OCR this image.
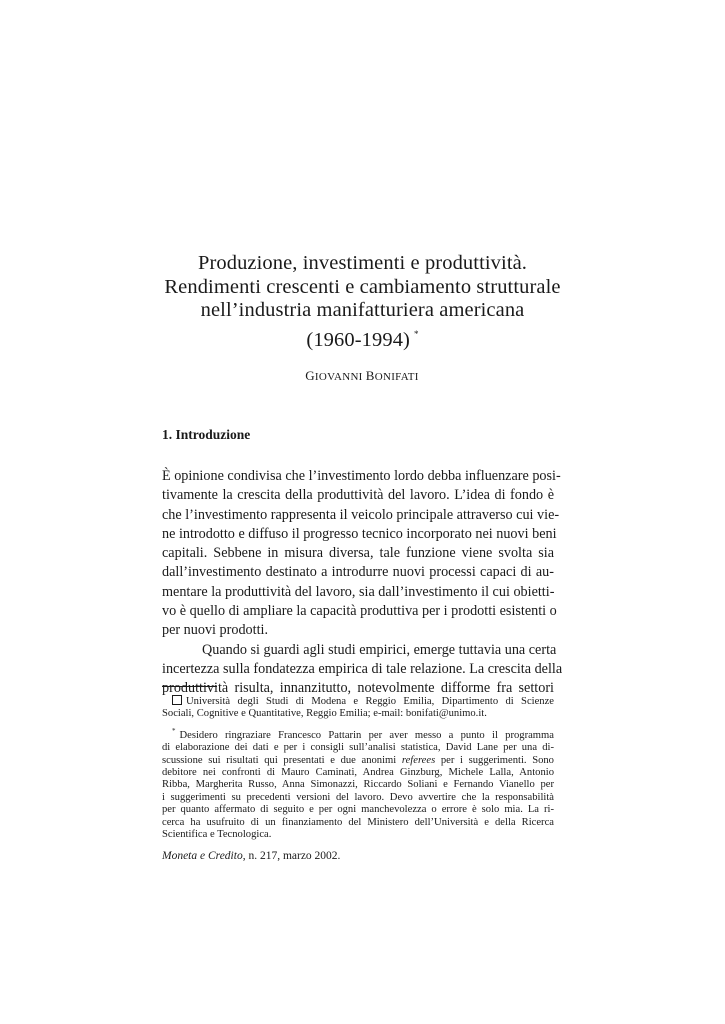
Produzione, investimenti e produttività.
Rendimenti crescenti e cambiamento strutturale
nell’industria manifatturiera americana
(1960-1994) *
GIOVANNI BONIFATI
1. Introduzione
È opinione condivisa che l’investimento lordo debba influenzare posi-
tivamente la crescita della produttività del lavoro. L’idea di fondo è
che l’investimento rappresenta il veicolo principale attraverso cui vie-
ne introdotto e diffuso il progresso tecnico incorporato nei nuovi beni
capitali. Sebbene in misura diversa, tale funzione viene svolta sia
dall’investimento destinato a introdurre nuovi processi capaci di au-
mentare la produttività del lavoro, sia dall’investimento il cui obietti-
vo è quello di ampliare la capacità produttiva per i prodotti esistenti o
per nuovi prodotti.
Quando si guardi agli studi empirici, emerge tuttavia una certa
incertezza sulla fondatezza empirica di tale relazione. La crescita della
produttività risulta, innanzitutto, notevolmente difforme fra settori
Università degli Studi di Modena e Reggio Emilia, Dipartimento di Scienze
Sociali, Cognitive e Quantitative, Reggio Emilia; e-mail: bonifati@unimo.it.
* Desidero ringraziare Francesco Pattarin per aver messo a punto il programma
di elaborazione dei dati e per i consigli sull’analisi statistica, David Lane per una di-
scussione sui risultati qui presentati e due anonimi referees per i suggerimenti. Sono
debitore nei confronti di Mauro Caminati, Andrea Ginzburg, Michele Lalla, Antonio
Ribba, Margherita Russo, Anna Simonazzi, Riccardo Soliani e Fernando Vianello per
i suggerimenti su precedenti versioni del lavoro. Devo avvertire che la responsabilità
per quanto affermato di seguito e per ogni manchevolezza o errore è solo mia. La ri-
cerca ha usufruito di un finanziamento del Ministero dell’Università e della Ricerca
Scientifica e Tecnologica.
Moneta e Credito, n. 217, marzo 2002.
